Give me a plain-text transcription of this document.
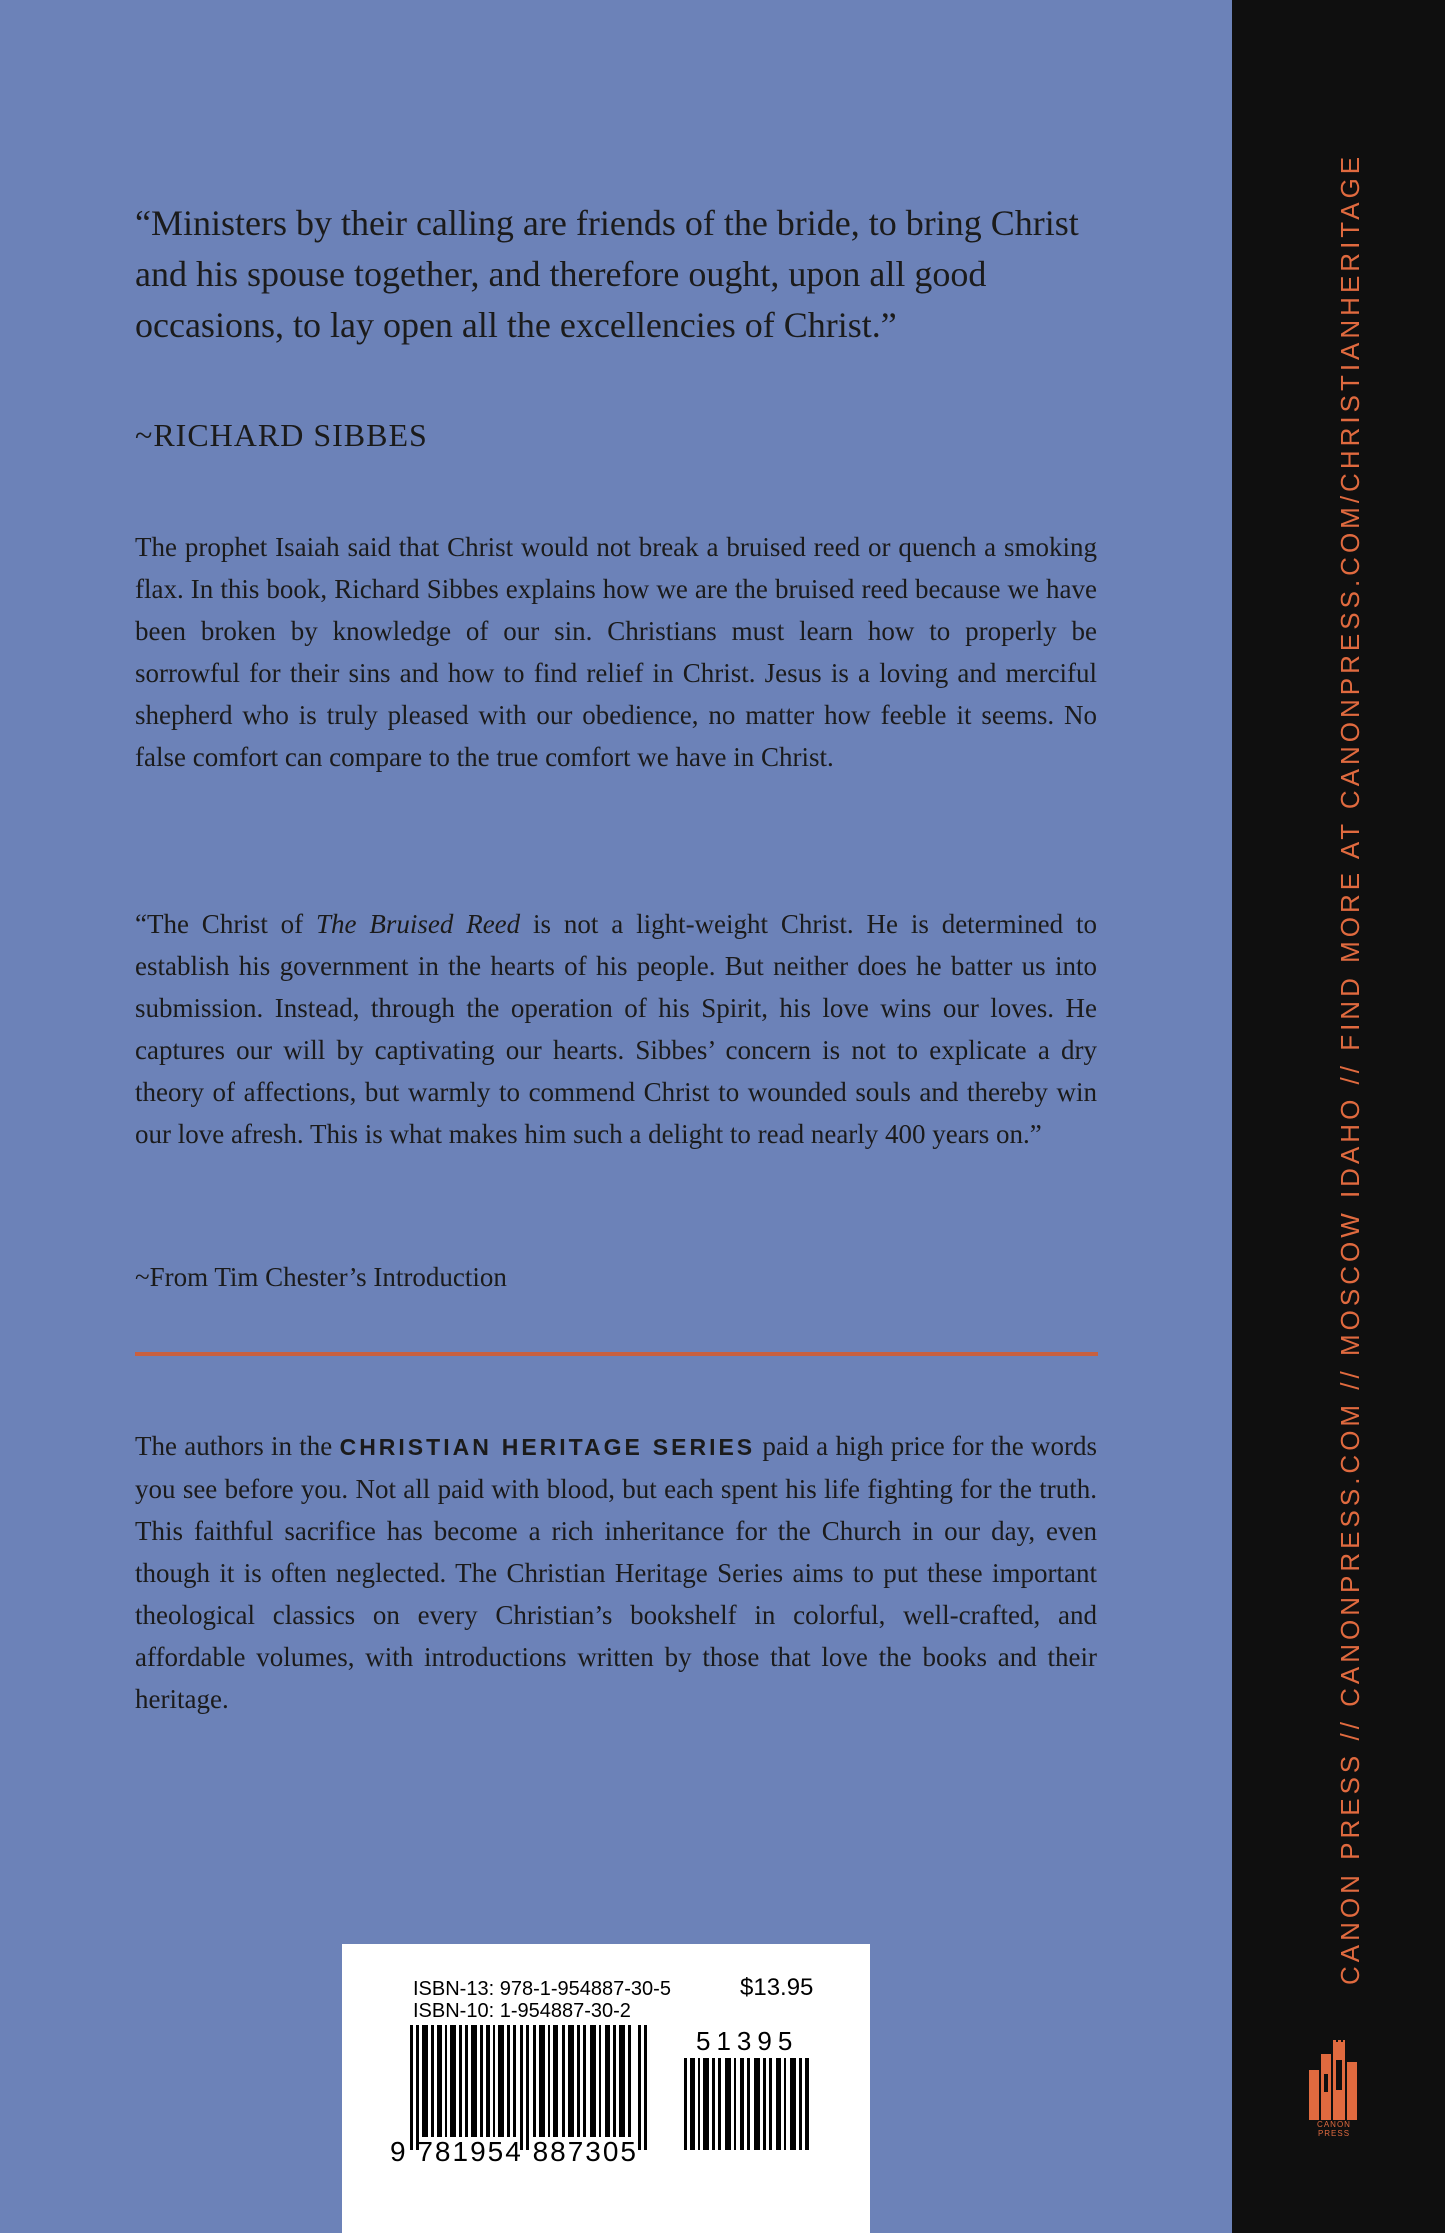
“Ministers by their calling are friends of the bride, to bring Christ and his spouse together, and therefore ought, upon all good occasions, to lay open all the excellencies of Christ.”
~RICHARD SIBBES
The prophet Isaiah said that Christ would not break a bruised reed or quench a smoking flax. In this book, Richard Sibbes explains how we are the bruised reed because we have been broken by knowledge of our sin. Christians must learn how to properly be sorrowful for their sins and how to find relief in Christ. Jesus is a loving and merciful shepherd who is truly pleased with our obedience, no matter how feeble it seems. No false comfort can compare to the true comfort we have in Christ.
“The Christ of The Bruised Reed is not a light-weight Christ. He is determined to establish his government in the hearts of his people. But neither does he batter us into submission. Instead, through the operation of his Spirit, his love wins our loves. He captures our will by captivating our hearts. Sibbes’ concern is not to explicate a dry theory of affections, but warmly to commend Christ to wounded souls and thereby win our love afresh. This is what makes him such a delight to read nearly 400 years on.”
~From Tim Chester’s Introduction
The authors in the CHRISTIAN HERITAGE SERIES paid a high price for the words you see before you. Not all paid with blood, but each spent his life fighting for the truth. This faithful sacrifice has become a rich inheritance for the Church in our day, even though it is often neglected. The Christian Heritage Series aims to put these important theological classics on every Christian’s bookshelf in colorful, well-crafted, and affordable volumes, with introductions written by those that love the books and their heritage.
ISBN-13: 978-1-954887-30-5
ISBN-10: 1-954887-30-2
$13.95
51395
9 781954 887305
CANON PRESS // CANONPRESS.COM // MOSCOW IDAHO // FIND MORE AT CANONPRESS.COM/CHRISTIANHERITAGE
CANON PRESS
